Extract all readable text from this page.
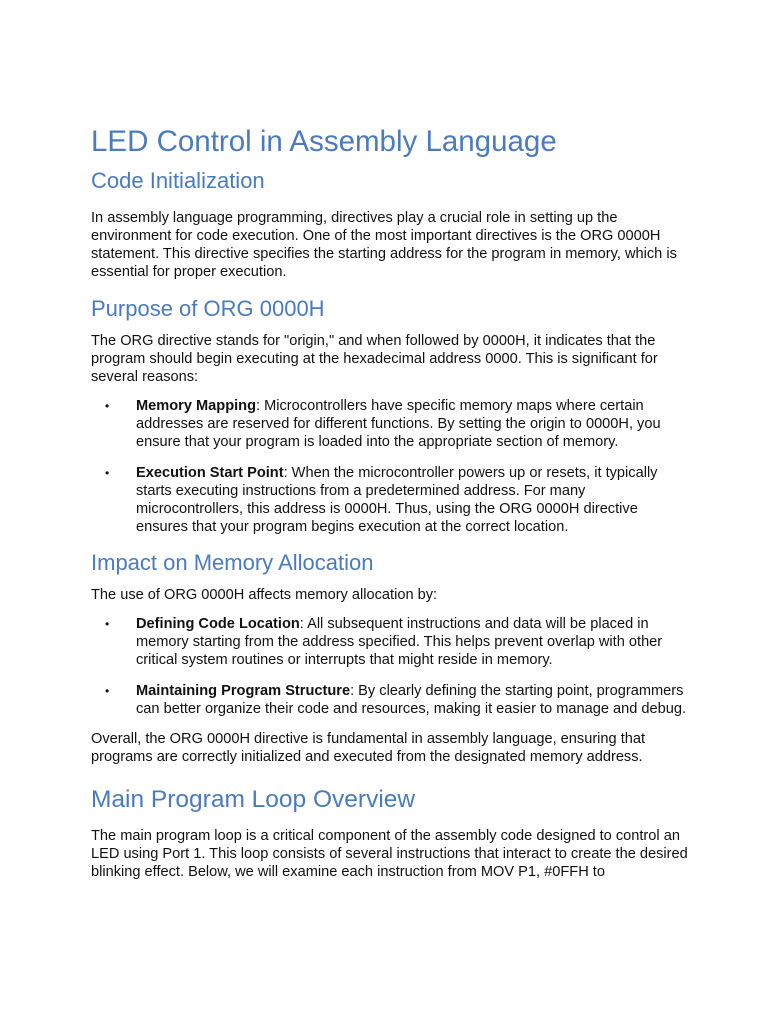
LED Control in Assembly Language
Code Initialization

In assembly language programming, directives play a crucial role in setting up the environment for code execution. One of the most important directives is the ORG 0000H statement. This directive specifies the starting address for the program in memory, which is essential for proper execution.

Purpose of ORG 0000H

The ORG directive stands for "origin," and when followed by 0000H, it indicates that the program should begin executing at the hexadecimal address 0000. This is significant for several reasons:

• Memory Mapping: Microcontrollers have specific memory maps where certain addresses are reserved for different functions. By setting the origin to 0000H, you ensure that your program is loaded into the appropriate section of memory.
• Execution Start Point: When the microcontroller powers up or resets, it typically starts executing instructions from a predetermined address. For many microcontrollers, this address is 0000H. Thus, using the ORG 0000H directive ensures that your program begins execution at the correct location.
Impact on Memory Allocation

The use of ORG 0000H affects memory allocation by:

• Defining Code Location: All subsequent instructions and data will be placed in memory starting from the address specified. This helps prevent overlap with other critical system routines or interrupts that might reside in memory.
• Maintaining Program Structure: By clearly defining the starting point, programmers can better organize their code and resources, making it easier to manage and debug.

Overall, the ORG 0000H directive is fundamental in assembly language, ensuring that programs are correctly initialized and executed from the designated memory address.

Main Program Loop Overview

The main program loop is a critical component of the assembly code designed to control an LED using Port 1. This loop consists of several instructions that interact to create the desired blinking effect. Below, we will examine each instruction from MOV P1, #0FFH to
